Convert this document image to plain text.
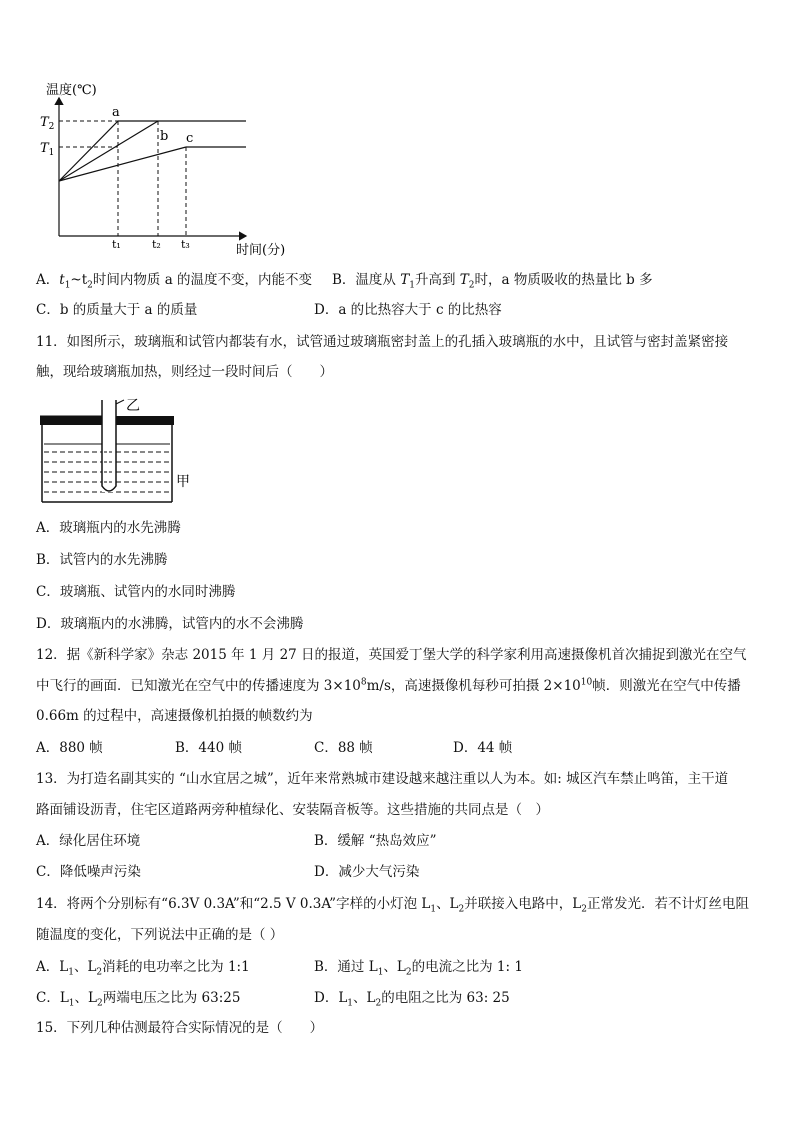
温度(℃)
时间(分)
$T_2$
$T_1$
a
b c
t₁	t₂ t₃
A．$t_1\sim t_2$时间内物质 a 的温度不变，内能不变 B．温度从 $T_1$升高到 $T_2$时，a 物质吸收的热量比 b 多
C．b 的质量大于 a 的质量	D．a 的比热容大于 c 的比热容
11．如图所示，玻璃瓶和试管内都装有水，试管通过玻璃瓶密封盖上的孔插入玻璃瓶的水中，且试管与密封盖紧密接
触，现给玻璃瓶加热，则经过一段时间后（　　）
乙
甲
A．玻璃瓶内的水先沸腾
B．试管内的水先沸腾
C．玻璃瓶、试管内的水同时沸腾
D．玻璃瓶内的水沸腾，试管内的水不会沸腾
12．据《新科学家》杂志 2015 年 1 月 27 日的报道，英国爱丁堡大学的科学家利用高速摄像机首次捕捉到激光在空气
中飞行的画面．已知激光在空气中的传播速度为 $3\times 10^8m/s$，高速摄像机每秒可拍摄 $2\times 10^{10}$帧．则激光在空气中传播
0.66m 的过程中，高速摄像机拍摄的帧数约为
A．880 帧	B．440 帧	C．88 帧	D．44 帧
13．为打造名副其实的 “山水宜居之城”，近年来常熟城市建设越来越注重以人为本。如: 城区汽车禁止鸣笛，主干道
路面铺设沥青，住宅区道路两旁种植绿化、安装隔音板等。这些措施的共同点是（　）
A．绿化居住环境	B．缓解 “热岛效应”
C．降低噪声污染	D．减少大气污染
14．将两个分别标有“6.3V 0.3A”和“2.5 V 0.3A”字样的小灯泡 $L_1$、$L_2$并联接入电路中，$L_2$正常发光．若不计灯丝电阻
随温度的变化，下列说法中正确的是（ ）
A．$L_1$、$L_2$消耗的电功率之比为 1:1	B．通过 $L_1$、$L_2$的电流之比为 1: 1
C．$L_1$、$L_2$两端电压之比为 63:25	D．$L_1$、$L_2$的电阻之比为 63: 25
15．下列几种估测最符合实际情况的是（　　）
